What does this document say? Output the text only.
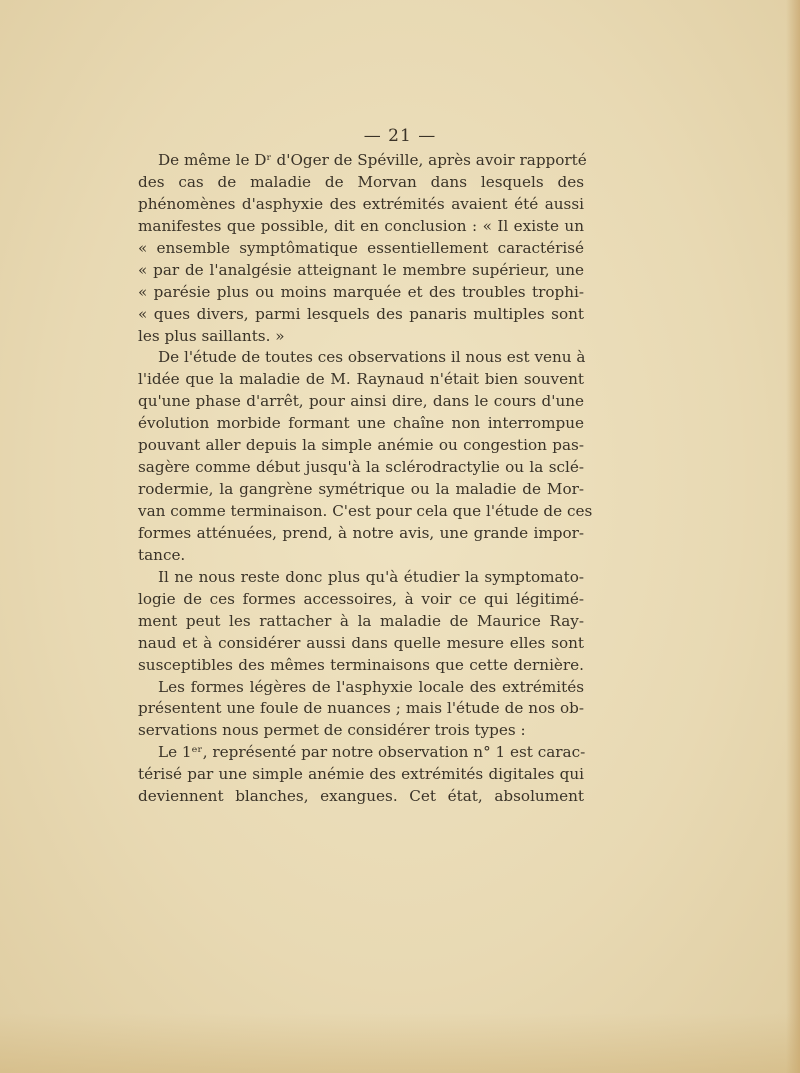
— 21 —
De même le Dʳ d'Oger de Spéville, après avoir rapporté
des cas de maladie de Morvan dans lesquels des
phénomènes d'asphyxie des extrémités avaient été aussi
manifestes que possible, dit en conclusion : « Il existe un
« ensemble symptômatique essentiellement caractérisé
« par de l'analgésie atteignant le membre supérieur, une
« parésie plus ou moins marquée et des troubles trophi-
« ques divers, parmi lesquels des panaris multiples sont
les plus saillants. »
De l'étude de toutes ces observations il nous est venu à
l'idée que la maladie de M. Raynaud n'était bien souvent
qu'une phase d'arrêt, pour ainsi dire, dans le cours d'une
évolution morbide formant une chaîne non interrompue
pouvant aller depuis la simple anémie ou congestion pas-
sagère comme début jusqu'à la sclérodractylie ou la sclé-
rodermie, la gangrène symétrique ou la maladie de Mor-
van comme terminaison. C'est pour cela que l'étude de ces
formes atténuées, prend, à notre avis, une grande impor-
tance.
Il ne nous reste donc plus qu'à étudier la symptomato-
logie de ces formes accessoires, à voir ce qui légitimé-
ment peut les rattacher à la maladie de Maurice Ray-
naud et à considérer aussi dans quelle mesure elles sont
susceptibles des mêmes terminaisons que cette dernière.
Les formes légères de l'asphyxie locale des extrémités
présentent une foule de nuances ; mais l'étude de nos ob-
servations nous permet de considérer trois types :
Le 1ᵉʳ, représenté par notre observation n° 1 est carac-
térisé par une simple anémie des extrémités digitales qui
deviennent blanches, exangues. Cet état, absolument
